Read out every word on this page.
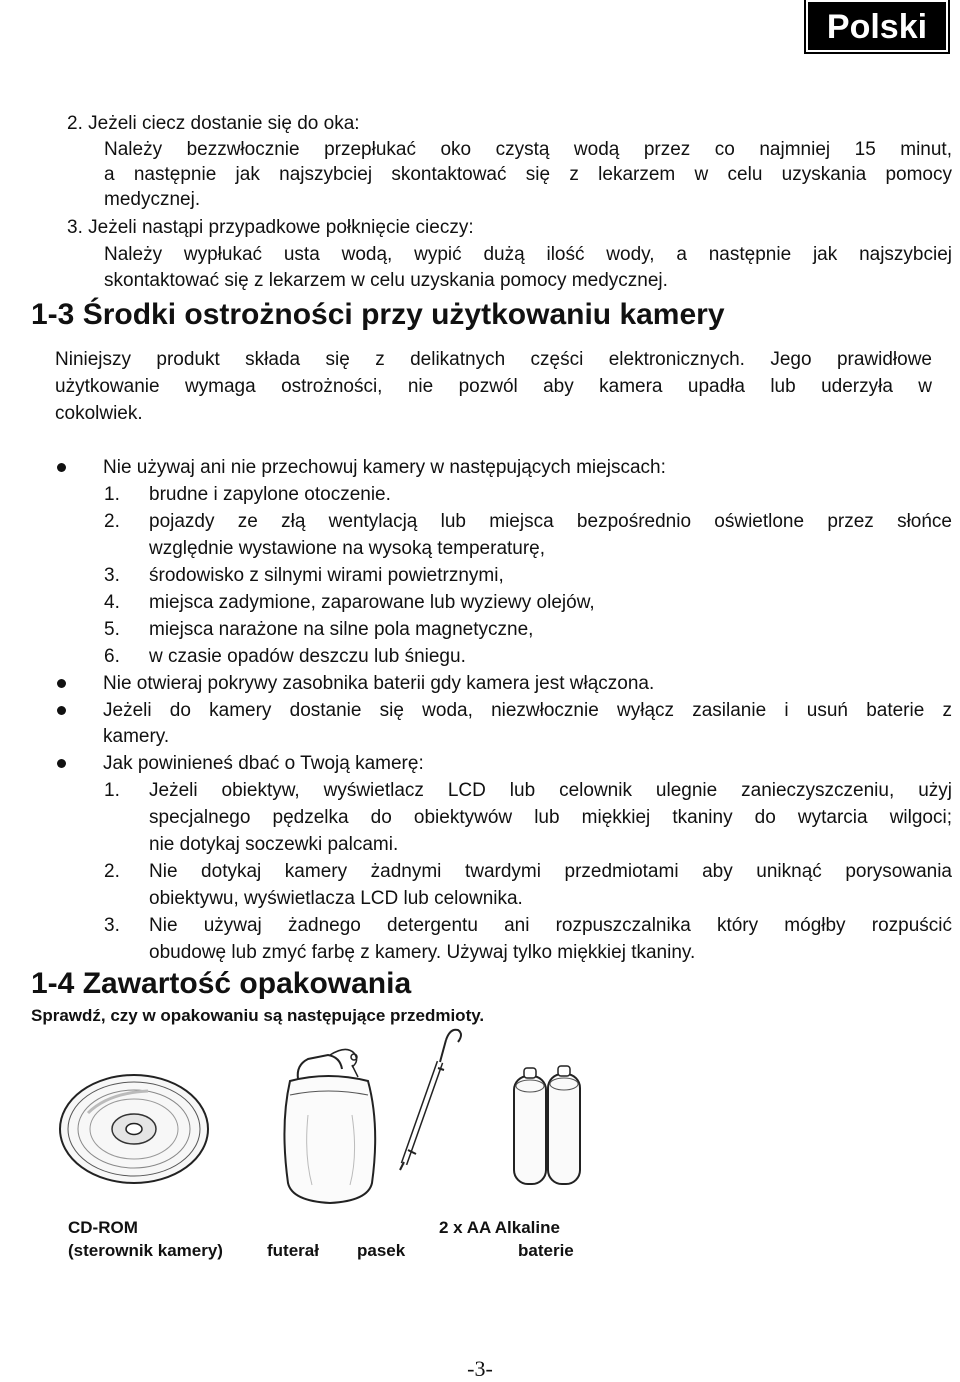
Polski
2. Jeżeli ciecz dostanie się do oka:
Należy bezzwłocznie przepłukać oko czystą wodą przez co najmniej 15 minut,
a następnie jak najszybciej skontaktować się z lekarzem w celu uzyskania pomocy
medycznej.
3. Jeżeli nastąpi przypadkowe połknięcie cieczy:
Należy wypłukać usta wodą, wypić dużą ilość wody, a następnie jak najszybciej
skontaktować się z lekarzem w celu uzyskania pomocy medycznej.
1-3 Środki ostrożności przy użytkowaniu kamery
Niniejszy produkt składa się z delikatnych części elektronicznych. Jego prawidłowe
użytkowanie wymaga ostrożności, nie pozwól aby kamera upadła lub uderzyła w
cokolwiek.
Nie używaj ani nie przechowuj kamery w następujących miejscach:
1. brudne i zapylone otoczenie.
2. pojazdy ze złą wentylacją lub miejsca bezpośrednio oświetlone przez słońce
względnie wystawione na wysoką temperaturę,
3. środowisko z silnymi wirami powietrznymi,
4. miejsca zadymione, zaparowane lub wyziewy olejów,
5. miejsca narażone na silne pola magnetyczne,
6. w czasie opadów deszczu lub śniegu.
Nie otwieraj pokrywy zasobnika baterii gdy kamera jest włączona.
Jeżeli do kamery dostanie się woda, niezwłocznie wyłącz zasilanie i usuń baterie z
kamery.
Jak powinieneś dbać o Twoją kamerę:
1. Jeżeli obiektyw, wyświetlacz LCD lub celownik ulegnie zanieczyszczeniu, użyj
specjalnego pędzelka do obiektywów lub miękkiej tkaniny do wytarcia wilgoci;
nie dotykaj soczewki palcami.
2. Nie dotykaj kamery żadnymi twardymi przedmiotami aby uniknąć porysowania
obiektywu, wyświetlacza LCD lub celownika.
3. Nie używaj żadnego detergentu ani rozpuszczalnika który mógłby rozpuścić
obudowę lub zmyć farbę z kamery. Używaj tylko miękkiej tkaniny.
1-4 Zawartość opakowania
Sprawdź, czy w opakowaniu są następujące przedmioty.
CD-ROM
(sterownik kamery)	futerał pasek
2 x AA Alkaline
baterie
-3-
